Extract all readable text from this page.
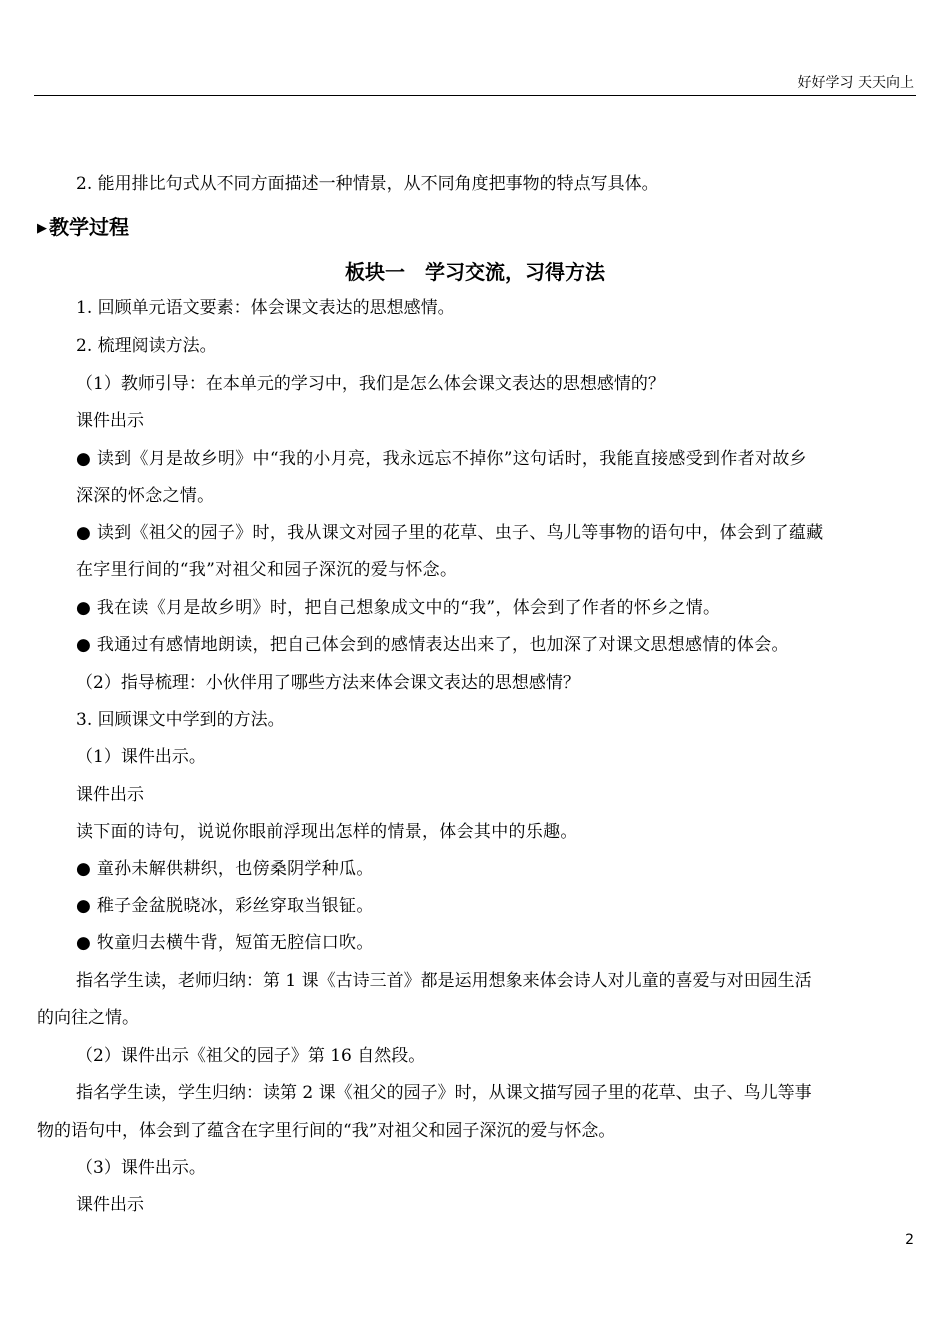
好好学习 天天向上
2. 能用排比句式从不同方面描述一种情景，从不同角度把事物的特点写具体。
▶ 教学过程
板块一　学习交流，习得方法
1. 回顾单元语文要素：体会课文表达的思想感情。
2. 梳理阅读方法。
（1）教师引导：在本单元的学习中，我们是怎么体会课文表达的思想感情的？
课件出示
● 读到《月是故乡明》中“我的小月亮，我永远忘不掉你”这句话时，我能直接感受到作者对故乡
深深的怀念之情。
● 读到《祖父的园子》时，我从课文对园子里的花草、虫子、鸟儿等事物的语句中，体会到了蕴藏
在字里行间的“我”对祖父和园子深沉的爱与怀念。
● 我在读《月是故乡明》时，把自己想象成文中的“我”，体会到了作者的怀乡之情。
● 我通过有感情地朗读，把自己体会到的感情表达出来了，也加深了对课文思想感情的体会。
（2）指导梳理：小伙伴用了哪些方法来体会课文表达的思想感情？
3. 回顾课文中学到的方法。
（1）课件出示。
课件出示
读下面的诗句，说说你眼前浮现出怎样的情景，体会其中的乐趣。
● 童孙未解供耕织，也傍桑阴学种瓜。
● 稚子金盆脱晓冰，彩丝穿取当银钲。
● 牧童归去横牛背，短笛无腔信口吹。
指名学生读，老师归纳：第 1 课《古诗三首》都是运用想象来体会诗人对儿童的喜爱与对田园生活
的向往之情。
（2）课件出示《祖父的园子》第 16 自然段。
指名学生读，学生归纳：读第 2 课《祖父的园子》时，从课文描写园子里的花草、虫子、鸟儿等事
物的语句中，体会到了蕴含在字里行间的“我”对祖父和园子深沉的爱与怀念。
（3）课件出示。
课件出示
2
